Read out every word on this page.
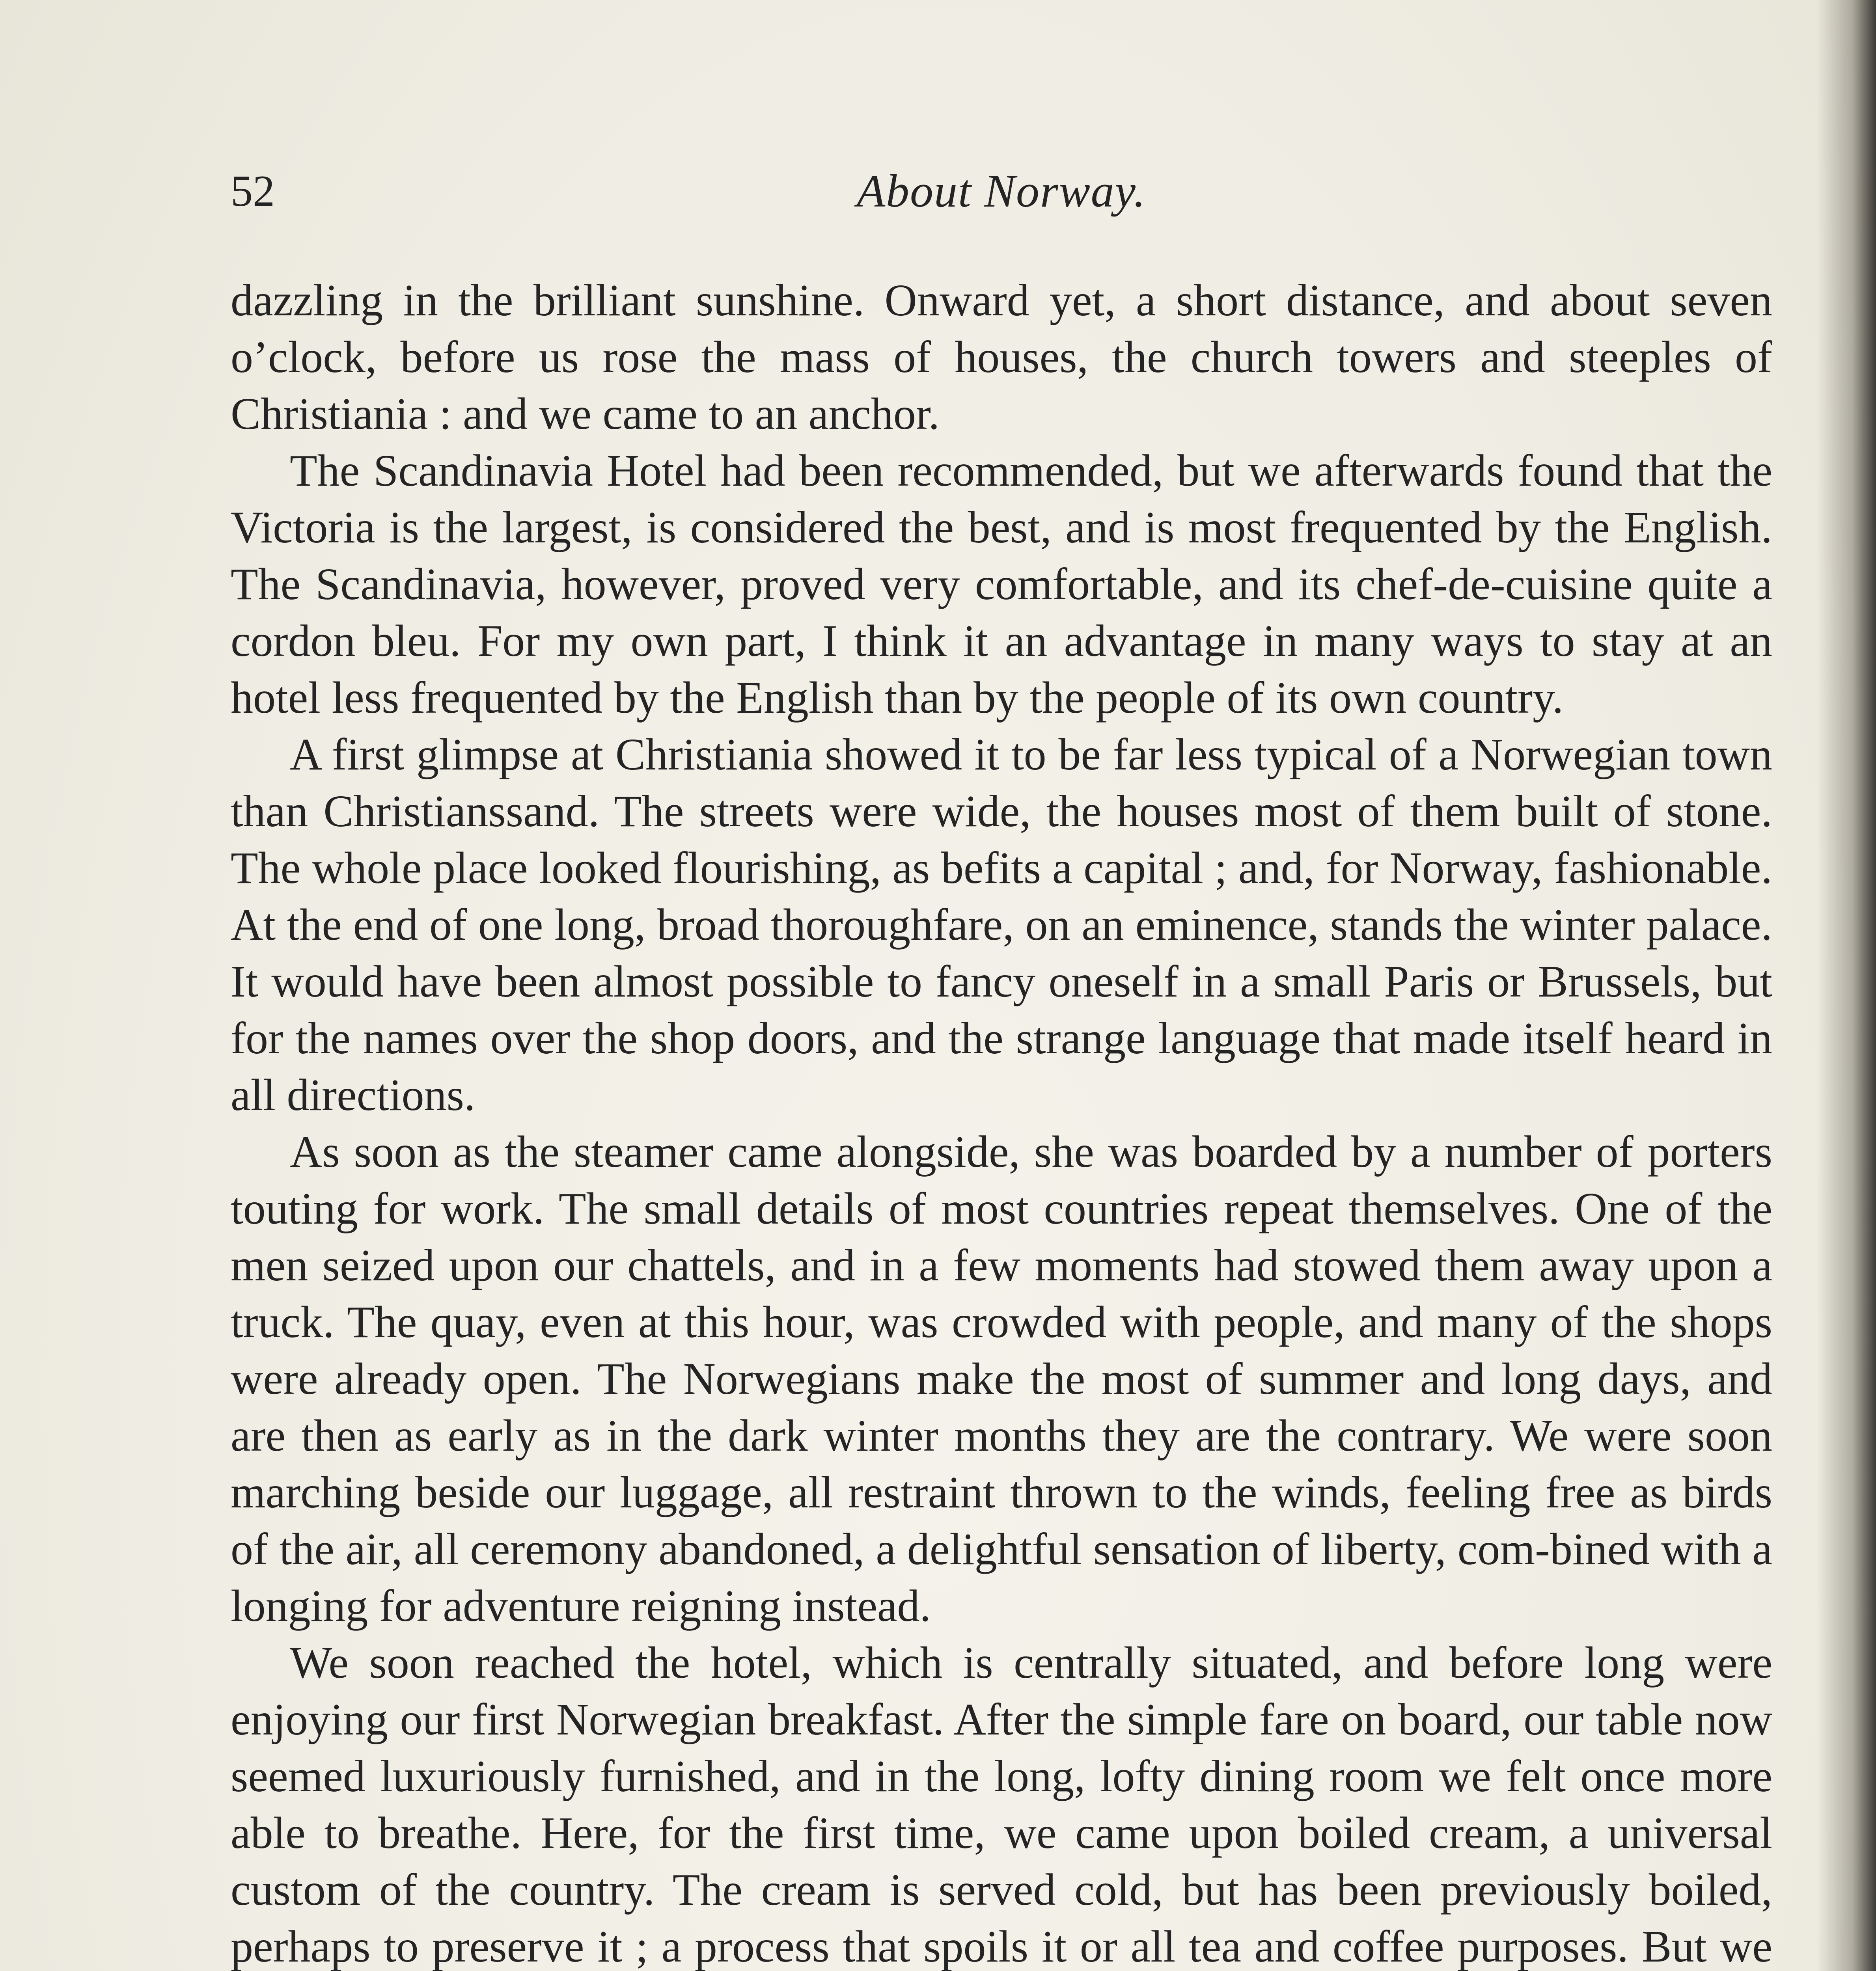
52	About Norway.

dazzling in the brilliant sunshine. Onward yet, a short distance, and about seven o’clock, before us rose the mass of houses, the church towers and steeples of Christiania : and we came to an anchor.

The Scandinavia Hotel had been recommended, but we afterwards found that the Victoria is the largest, is considered the best, and is most frequented by the English. The Scandinavia, however, proved very comfortable, and its chef-de-cuisine quite a cordon bleu. For my own part, I think it an advantage in many ways to stay at an hotel less frequented by the English than by the people of its own country.

A first glimpse at Christiania showed it to be far less typical of a Norwegian town than Christianssand. The streets were wide, the houses most of them built of stone. The whole place looked flourishing, as befits a capital ; and, for Norway, fashionable. At the end of one long, broad thoroughfare, on an eminence, stands the winter palace. It would have been almost possible to fancy oneself in a small Paris or Brussels, but for the names over the shop doors, and the strange language that made itself heard in all directions.

As soon as the steamer came alongside, she was boarded by a number of porters touting for work. The small details of most countries repeat themselves. One of the men seized upon our chattels, and in a few moments had stowed them away upon a truck. The quay, even at this hour, was crowded with people, and many of the shops were already open. The Norwegians make the most of summer and long days, and are then as early as in the dark winter months they are the contrary. We were soon marching beside our luggage, all restraint thrown to the winds, feeling free as birds of the air, all ceremony abandoned, a delightful sensation of liberty, com-bined with a longing for adventure reigning instead.

We soon reached the hotel, which is centrally situated, and before long were enjoying our first Norwegian breakfast. After the simple fare on board, our table now seemed luxuriously furnished, and in the long, lofty dining room we felt once more able to breathe. Here, for the first time, we came upon boiled cream, a universal custom of the country. The cream is served cold, but has been previously boiled, perhaps to preserve it ; a process that spoils it or all tea and coffee purposes. But we
